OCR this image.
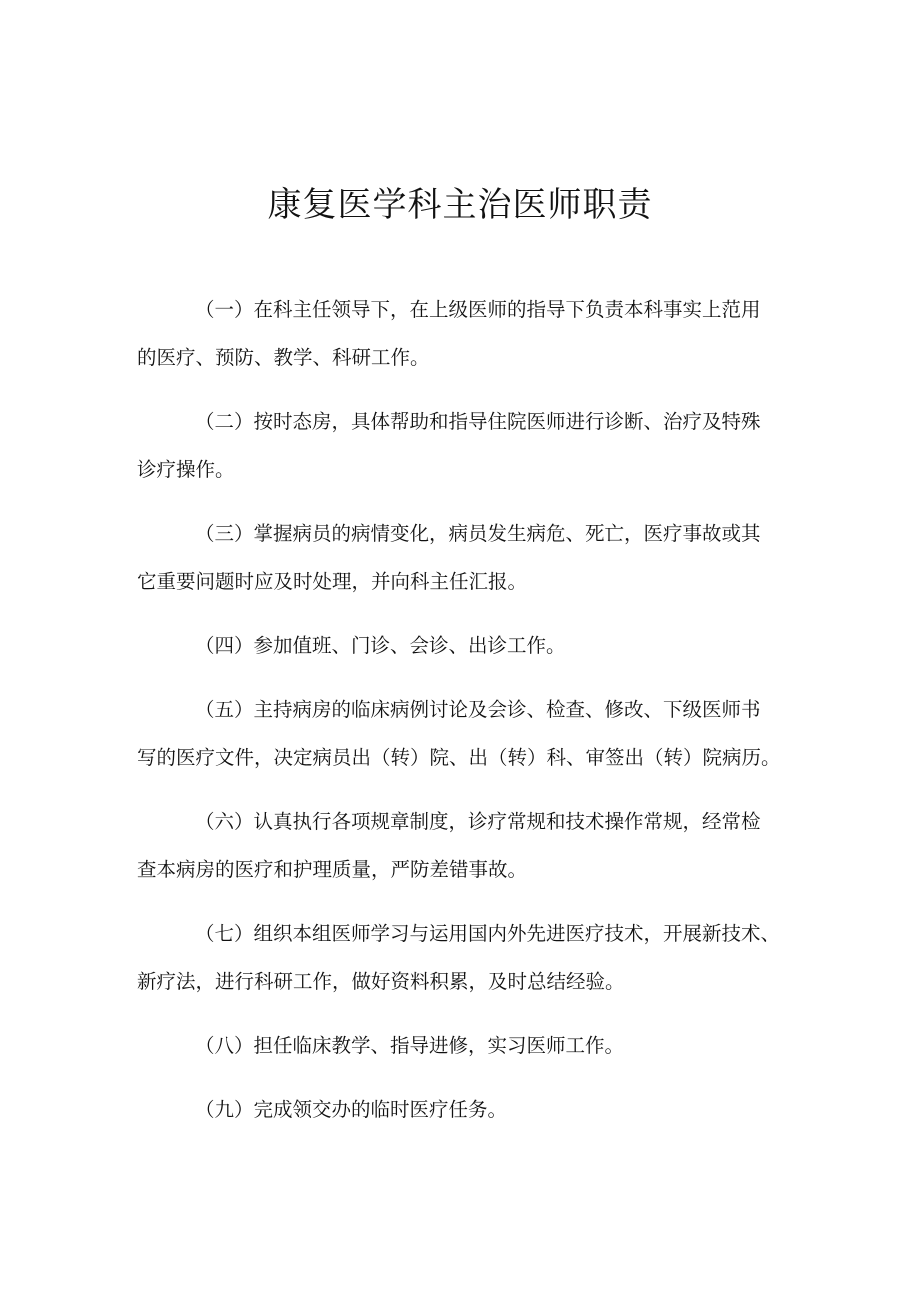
康复医学科主治医师职责

（一）在科主任领导下，在上级医师的指导下负责本科事实上范用
的医疗、预防、教学、科研工作。

（二）按时态房，具体帮助和指导住院医师进行诊断、治疗及特殊
诊疗操作。

（三）掌握病员的病情变化，病员发生病危、死亡，医疗事故或其
它重要问题时应及时处理，并向科主任汇报。

（四）参加值班、门诊、会诊、出诊工作。

（五）主持病房的临床病例讨论及会诊、检查、修改、下级医师书
写的医疗文件，决定病员出（转）院、出（转）科、审签出（转）院病历。

（六）认真执行各项规章制度，诊疗常规和技术操作常规，经常检
查本病房的医疗和护理质量，严防差错事故。

（七）组织本组医师学习与运用国内外先进医疗技术，开展新技术、
新疗法，进行科研工作，做好资料积累，及时总结经验。

（八）担任临床教学、指导进修，实习医师工作。

（九）完成领交办的临时医疗任务。
